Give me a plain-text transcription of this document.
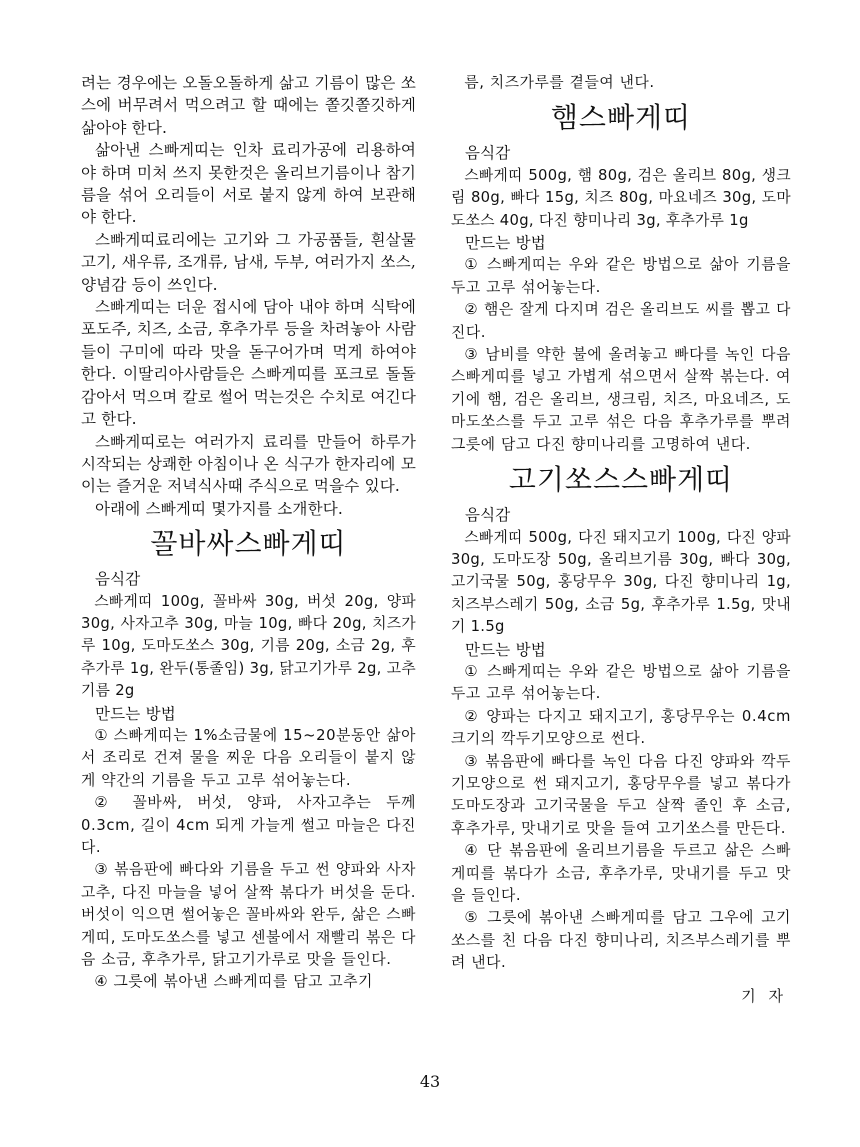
려는 경우에는 오돌오돌하게 삶고 기름이 많은 쏘스에 버무려서 먹으려고 할 때에는 쫄깃쫄깃하게 삶아야 한다.

삶아낸 스빠게띠는 인차 료리가공에 리용하여야 하며 미처 쓰지 못한것은 올리브기름이나 참기름을 섞어 오리들이 서로 붙지 않게 하여 보관해야 한다.

스빠게띠료리에는 고기와 그 가공품들, 흰살물고기, 새우류, 조개류, 남새, 두부, 여러가지 쏘스, 양념감 등이 쓰인다.

스빠게띠는 더운 접시에 담아 내야 하며 식탁에 포도주, 치즈, 소금, 후추가루 등을 차려놓아 사람들이 구미에 따라 맛을 돋구어가며 먹게 하여야 한다. 이딸리아사람들은 스빠게띠를 포크로 돌돌 감아서 먹으며 칼로 썰어 먹는것은 수치로 여긴다고 한다.

스빠게띠로는 여러가지 료리를 만들어 하루가 시작되는 상쾌한 아침이나 온 식구가 한자리에 모이는 즐거운 저녁식사때 주식으로 먹을수 있다.

아래에 스빠게띠 몇가지를 소개한다.

꼴바싸스빠게띠

음식감

스빠게띠 100g, 꼴바싸 30g, 버섯 20g, 양파 30g, 사자고추 30g, 마늘 10g, 빠다 20g, 치즈가루 10g, 도마도쏘스 30g, 기름 20g, 소금 2g, 후추가루 1g, 완두(통졸임) 3g, 닭고기가루 2g, 고추기름 2g

만드는 방법

① 스빠게띠는 1%소금물에 15~20분동안 삶아서 조리로 건져 물을 찌운 다음 오리들이 붙지 않게 약간의 기름을 두고 고루 섞어놓는다.

② 꼴바싸, 버섯, 양파, 사자고추는 두께 0.3cm, 길이 4cm 되게 가늘게 썰고 마늘은 다진다.

③ 볶음판에 빠다와 기름을 두고 썬 양파와 사자고추, 다진 마늘을 넣어 살짝 볶다가 버섯을 둔다. 버섯이 익으면 썰어놓은 꼴바싸와 완두, 삶은 스빠게띠, 도마도쏘스를 넣고 센불에서 재빨리 볶은 다음 소금, 후추가루, 닭고기가루로 맛을 들인다.

④ 그릇에 볶아낸 스빠게띠를 담고 고추기

름, 치즈가루를 곁들여 낸다.

햄스빠게띠

음식감

스빠게띠 500g, 햄 80g, 검은 올리브 80g, 생크림 80g, 빠다 15g, 치즈 80g, 마요네즈 30g, 도마도쏘스 40g, 다진 향미나리 3g, 후추가루 1g

만드는 방법

① 스빠게띠는 우와 같은 방법으로 삶아 기름을 두고 고루 섞어놓는다.

② 햄은 잘게 다지며 검은 올리브도 씨를 뽑고 다진다.

③ 남비를 약한 불에 올려놓고 빠다를 녹인 다음 스빠게띠를 넣고 가볍게 섞으면서 살짝 볶는다. 여기에 햄, 검은 올리브, 생크림, 치즈, 마요네즈, 도마도쏘스를 두고 고루 섞은 다음 후추가루를 뿌려 그릇에 담고 다진 향미나리를 고명하여 낸다.

고기쏘스스빠게띠

음식감

스빠게띠 500g, 다진 돼지고기 100g, 다진 양파 30g, 도마도장 50g, 올리브기름 30g, 빠다 30g, 고기국물 50g, 홍당무우 30g, 다진 향미나리 1g, 치즈부스레기 50g, 소금 5g, 후추가루 1.5g, 맛내기 1.5g

만드는 방법

① 스빠게띠는 우와 같은 방법으로 삶아 기름을 두고 고루 섞어놓는다.

② 양파는 다지고 돼지고기, 홍당무우는 0.4cm크기의 깍두기모양으로 썬다.

③ 볶음판에 빠다를 녹인 다음 다진 양파와 깍두기모양으로 썬 돼지고기, 홍당무우를 넣고 볶다가 도마도장과 고기국물을 두고 살짝 졸인 후 소금, 후추가루, 맛내기로 맛을 들여 고기쏘스를 만든다.

④ 단 볶음판에 올리브기름을 두르고 삶은 스빠게띠를 볶다가 소금, 후추가루, 맛내기를 두고 맛을 들인다.

⑤ 그릇에 볶아낸 스빠게띠를 담고 그우에 고기쏘스를 친 다음 다진 향미나리, 치즈부스레기를 뿌려 낸다.

기 자
43
